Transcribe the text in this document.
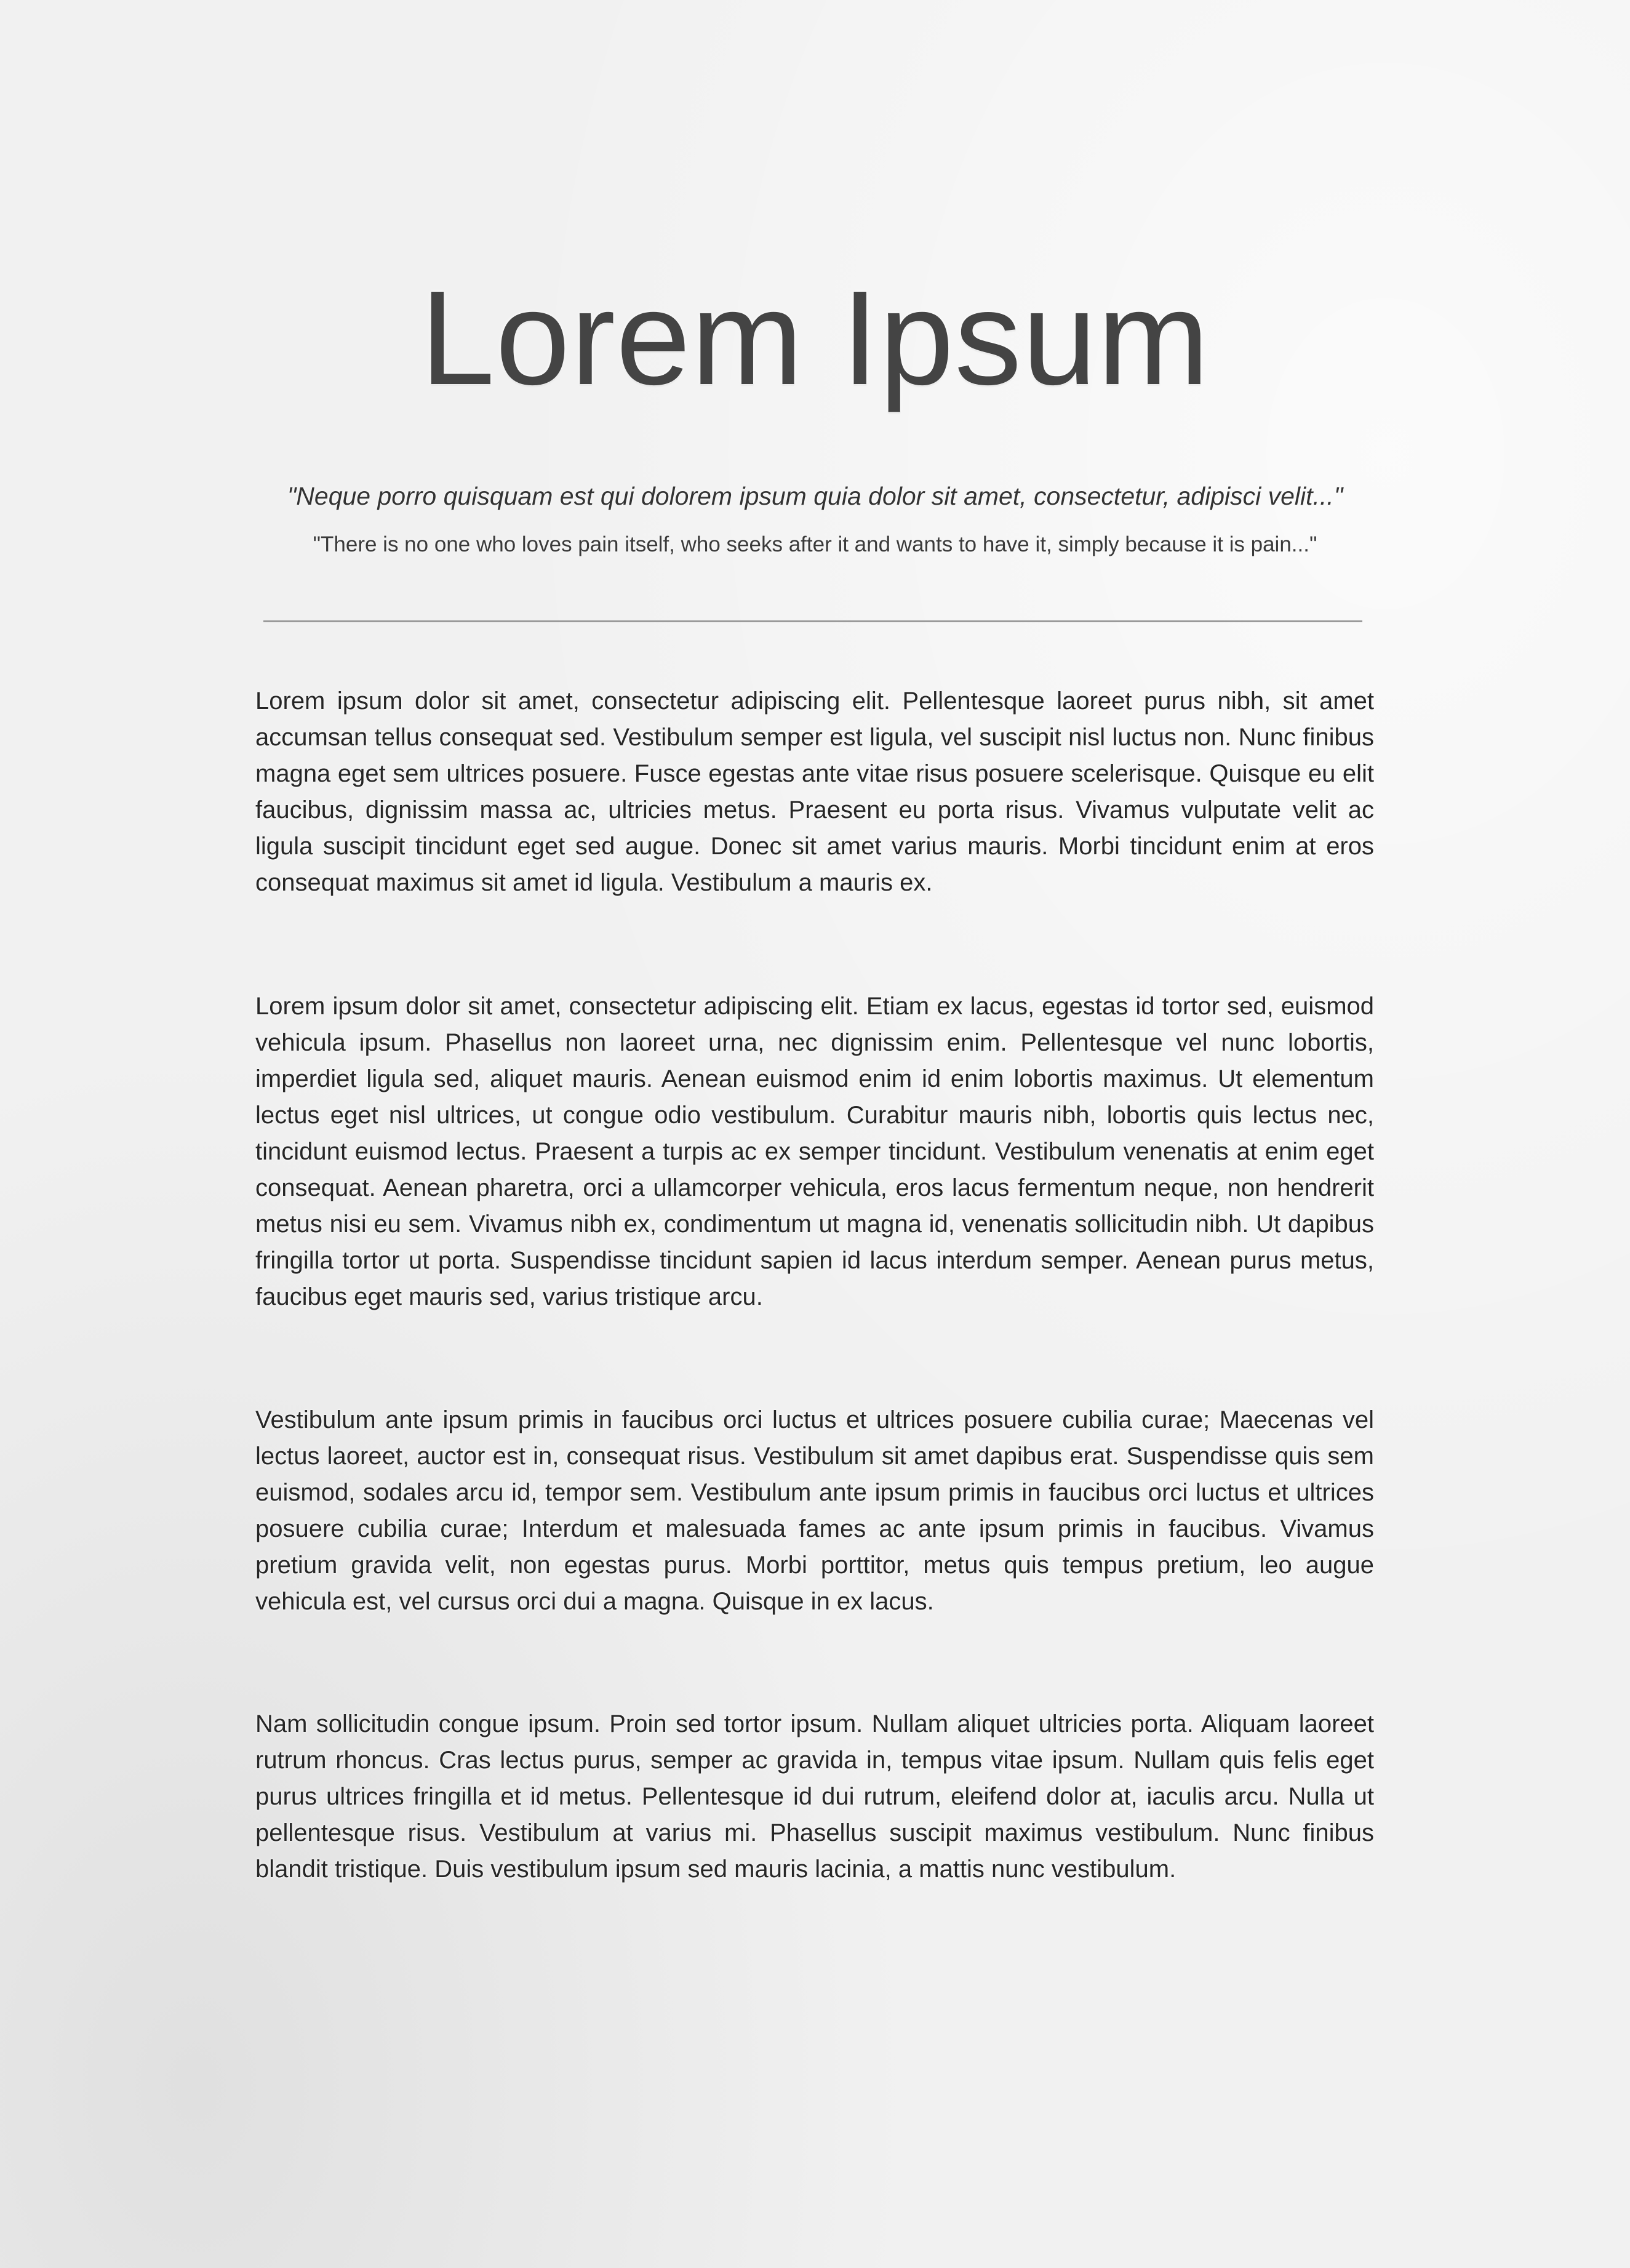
Lorem Ipsum

"Neque porro quisquam est qui dolorem ipsum quia dolor sit amet, consectetur, adipisci velit..."

"There is no one who loves pain itself, who seeks after it and wants to have it, simply because it is pain..."

Lorem ipsum dolor sit amet, consectetur adipiscing elit. Pellentesque laoreet purus nibh, sit amet accumsan tellus consequat sed. Vestibulum semper est ligula, vel suscipit nisl luctus non. Nunc finibus magna eget sem ultrices posuere. Fusce egestas ante vitae risus posuere scelerisque. Quisque eu elit faucibus, dignissim massa ac, ultricies metus. Praesent eu porta risus. Vivamus vulputate velit ac ligula suscipit tincidunt eget sed augue. Donec sit amet varius mauris. Morbi tincidunt enim at eros consequat maximus sit amet id ligula. Vestibulum a mauris ex.

Lorem ipsum dolor sit amet, consectetur adipiscing elit. Etiam ex lacus, egestas id tortor sed, euismod vehicula ipsum. Phasellus non laoreet urna, nec dignissim enim. Pellentesque vel nunc lobortis, imperdiet ligula sed, aliquet mauris. Aenean euismod enim id enim lobortis maximus. Ut elementum lectus eget nisl ultrices, ut congue odio vestibulum. Curabitur mauris nibh, lobortis quis lectus nec, tincidunt euismod lectus. Praesent a turpis ac ex semper tincidunt. Vestibulum venenatis at enim eget consequat. Aenean pharetra, orci a ullamcorper vehicula, eros lacus fermentum neque, non hendrerit metus nisi eu sem. Vivamus nibh ex, condimentum ut magna id, venenatis sollicitudin nibh. Ut dapibus fringilla tortor ut porta. Suspendisse tincidunt sapien id lacus interdum semper. Aenean purus metus, faucibus eget mauris sed, varius tristique arcu.

Vestibulum ante ipsum primis in faucibus orci luctus et ultrices posuere cubilia curae; Maecenas vel lectus laoreet, auctor est in, consequat risus. Vestibulum sit amet dapibus erat. Suspendisse quis sem euismod, sodales arcu id, tempor sem. Vestibulum ante ipsum primis in faucibus orci luctus et ultrices posuere cubilia curae; Interdum et malesuada fames ac ante ipsum primis in faucibus. Vivamus pretium gravida velit, non egestas purus. Morbi porttitor, metus quis tempus pretium, leo augue vehicula est, vel cursus orci dui a magna. Quisque in ex lacus.

Nam sollicitudin congue ipsum. Proin sed tortor ipsum. Nullam aliquet ultricies porta. Aliquam laoreet rutrum rhoncus. Cras lectus purus, semper ac gravida in, tempus vitae ipsum. Nullam quis felis eget purus ultrices fringilla et id metus. Pellentesque id dui rutrum, eleifend dolor at, iaculis arcu. Nulla ut pellentesque risus. Vestibulum at varius mi. Phasellus suscipit maximus vestibulum. Nunc finibus blandit tristique. Duis vestibulum ipsum sed mauris lacinia, a mattis nunc vestibulum.
